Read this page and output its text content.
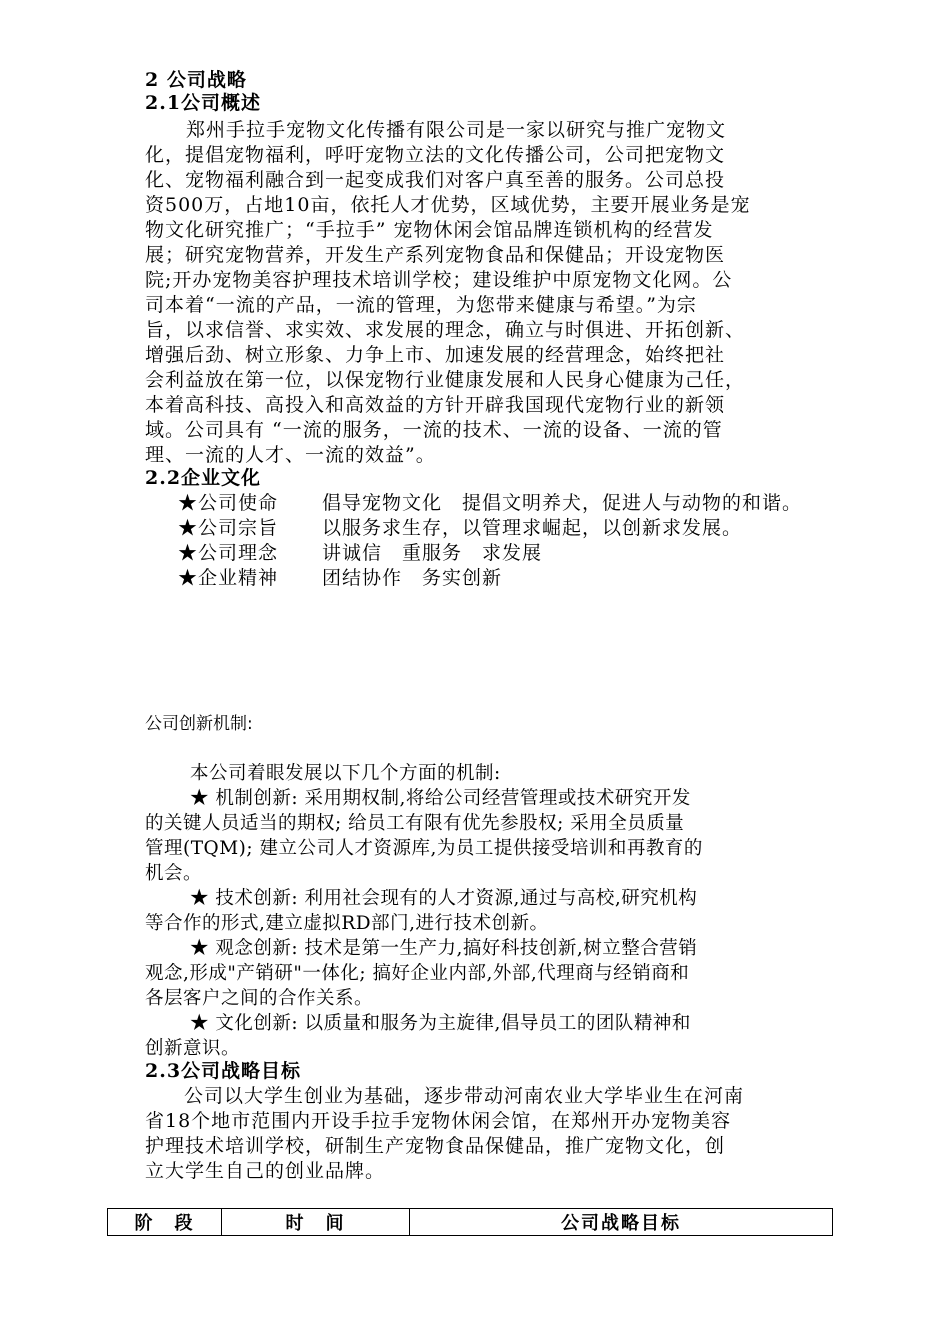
2 公司战略
2.1公司概述
郑州手拉手宠物文化传播有限公司是一家以研究与推广宠物文
化，提倡宠物福利，呼吁宠物立法的文化传播公司，公司把宠物文
化、宠物福利融合到一起变成我们对客户真至善的服务。公司总投
资500万，占地10亩，依托人才优势，区域优势，主要开展业务是宠
物文化研究推广；“手拉手” 宠物休闲会馆品牌连锁机构的经营发
展；研究宠物营养，开发生产系列宠物食品和保健品；开设宠物医
院;开办宠物美容护理技术培训学校；建设维护中原宠物文化网。公
司本着“一流的产品，一流的管理，为您带来健康与希望。”为宗
旨，以求信誉、求实效、求发展的理念，确立与时俱进、开拓创新、
增强后劲、树立形象、力争上市、加速发展的经营理念，始终把社
会利益放在第一位，以保宠物行业健康发展和人民身心健康为己任，
本着高科技、高投入和高效益的方针开辟我国现代宠物行业的新领
域。公司具有 “一流的服务，一流的技术、一流的设备、一流的管
理、一流的人才、一流的效益”。
2.2企业文化
★公司使命 倡导宠物文化　提倡文明养犬，促进人与动物的和谐。
★公司宗旨 以服务求生存，以管理求崛起，以创新求发展。
★公司理念 讲诚信　重服务　求发展
★企业精神 团结协作　务实创新
公司创新机制:
本公司着眼发展以下几个方面的机制:
★ 机制创新: 采用期权制,将给公司经营管理或技术研究开发
的关键人员适当的期权; 给员工有限有优先参股权; 采用全员质量
管理(TQM); 建立公司人才资源库,为员工提供接受培训和再教育的
机会。
★ 技术创新: 利用社会现有的人才资源,通过与高校,研究机构
等合作的形式,建立虚拟RD部门,进行技术创新。
★ 观念创新: 技术是第一生产力,搞好科技创新,树立整合营销
观念,形成"产销研"一体化; 搞好企业内部,外部,代理商与经销商和
各层客户之间的合作关系。
★ 文化创新: 以质量和服务为主旋律,倡导员工的团队精神和
创新意识。
2.3公司战略目标
公司以大学生创业为基础，逐步带动河南农业大学毕业生在河南
省18个地市范围内开设手拉手宠物休闲会馆，在郑州开办宠物美容
护理技术培训学校，研制生产宠物食品保健品，推广宠物文化，创
立大学生自己的创业品牌。
阶　段	时　间	公司战略目标
